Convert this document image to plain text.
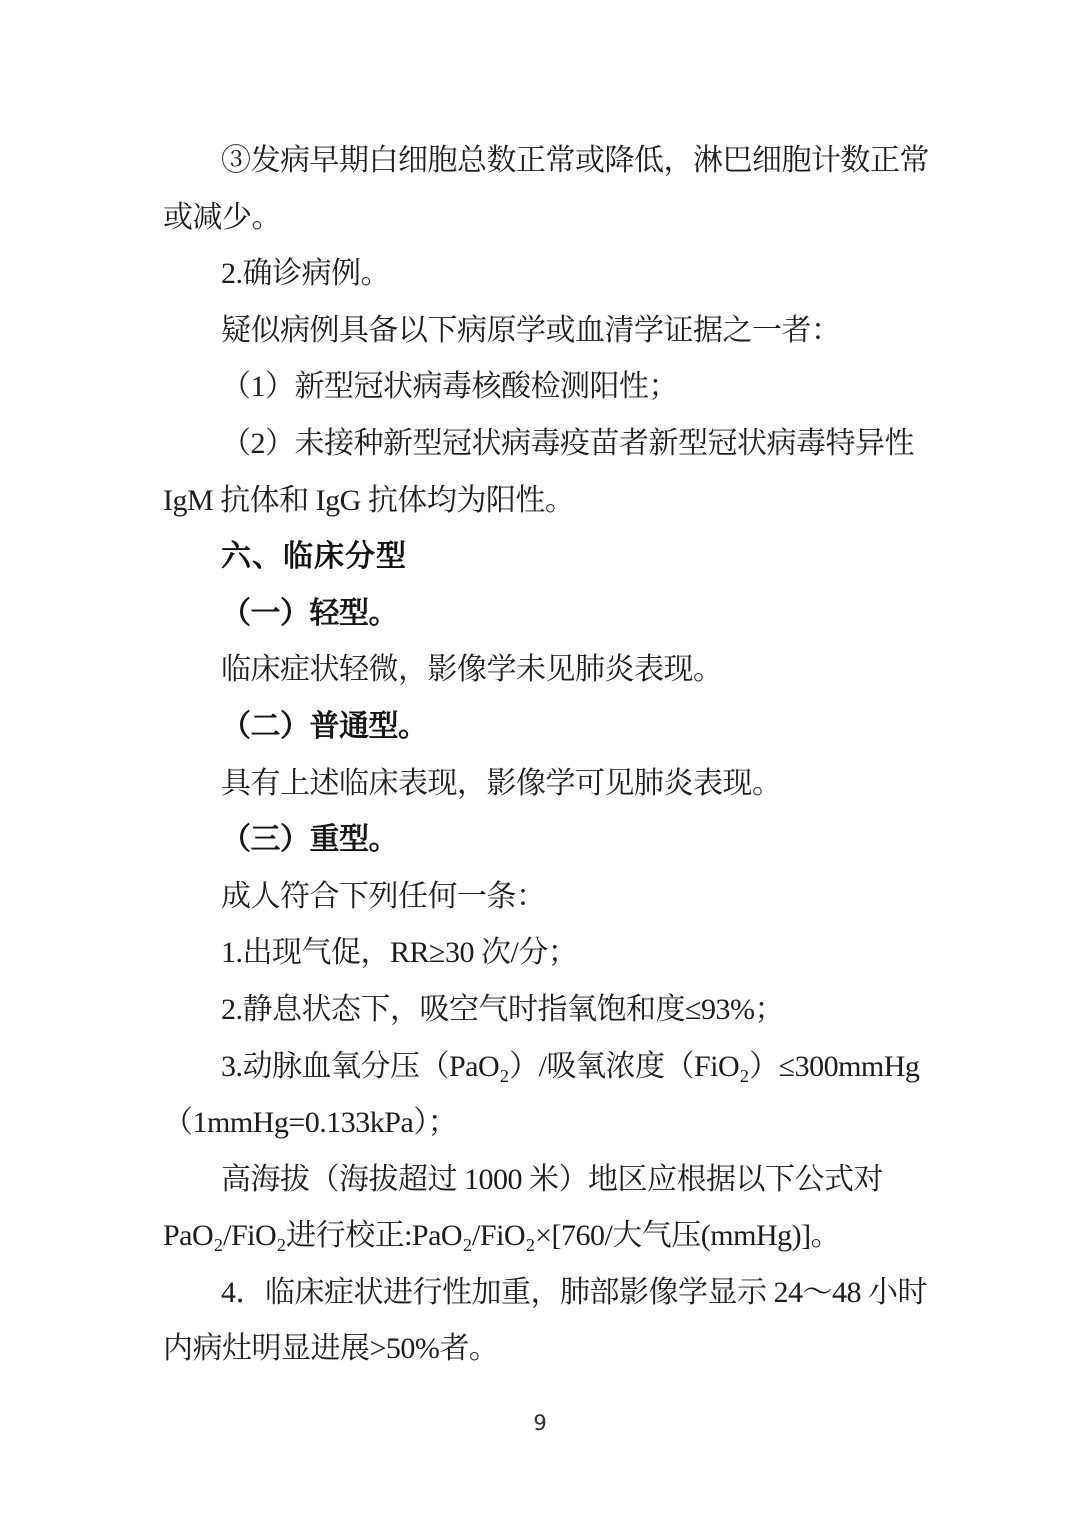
③发病早期白细胞总数正常或降低，淋巴细胞计数正常

或减少。

2.确诊病例。

疑似病例具备以下病原学或血清学证据之一者：

（1）新型冠状病毒核酸检测阳性；

（2）未接种新型冠状病毒疫苗者新型冠状病毒特异性

IgM 抗体和 IgG 抗体均为阳性。

六、临床分型

（一）轻型。

临床症状轻微，影像学未见肺炎表现。

（二）普通型。

具有上述临床表现，影像学可见肺炎表现。

（三）重型。

成人符合下列任何一条：

1.出现气促，RR≥30 次/分；

2.静息状态下，吸空气时指氧饱和度≤93%；

3.动脉血氧分压（PaO₂）/吸氧浓度（FiO₂）≤300mmHg

（1mmHg=0.133kPa）；

高海拔（海拔超过 1000 米）地区应根据以下公式对

PaO₂/FiO₂进行校正:PaO₂/FiO₂×[760/大气压(mmHg)]。

4．临床症状进行性加重，肺部影像学显示 24～48 小时

内病灶明显进展>50%者。

9
